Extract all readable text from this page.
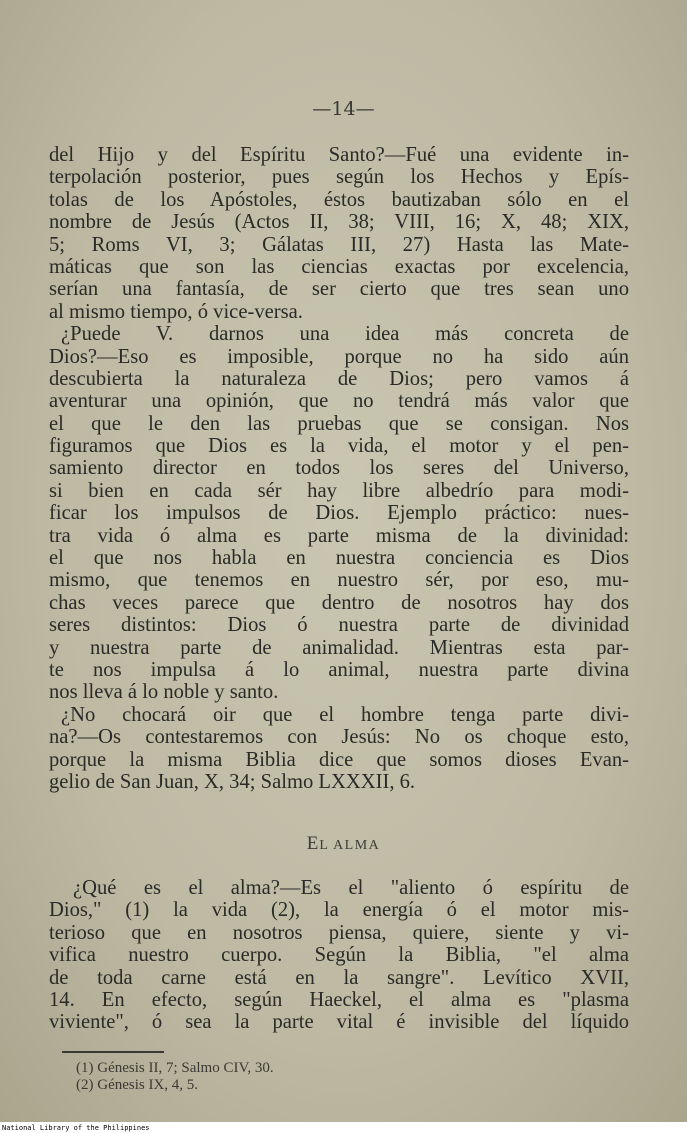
—14—
del Hijo y del Espíritu Santo?—Fué una evidente in-
terpolación posterior, pues según los Hechos y Epís-
tolas de los Apóstoles, éstos bautizaban sólo en el
nombre de Jesús (Actos II, 38; VIII, 16; X, 48; XIX,
5; Roms VI, 3; Gálatas III, 27) Hasta las Mate-
máticas que son las ciencias exactas por excelencia,
serían una fantasía, de ser cierto que tres sean uno
al mismo tiempo, ó vice-versa.
¿Puede V. darnos una idea más concreta de
Dios?—Eso es imposible, porque no ha sido aún
descubierta la naturaleza de Dios; pero vamos á
aventurar una opinión, que no tendrá más valor que
el que le den las pruebas que se consigan. Nos
figuramos que Dios es la vida, el motor y el pen-
samiento director en todos los seres del Universo,
si bien en cada sér hay libre albedrío para modi-
ficar los impulsos de Dios. Ejemplo práctico: nues-
tra vida ó alma es parte misma de la divinidad:
el que nos habla en nuestra conciencia es Dios
mismo, que tenemos en nuestro sér, por eso, mu-
chas veces parece que dentro de nosotros hay dos
seres distintos: Dios ó nuestra parte de divinidad
y nuestra parte de animalidad. Mientras esta par-
te nos impulsa á lo animal, nuestra parte divina
nos lleva á lo noble y santo.
¿No chocará oir que el hombre tenga parte divi-
na?—Os contestaremos con Jesús: No os choque esto,
porque la misma Biblia dice que somos dioses Evan-
gelio de San Juan, X, 34; Salmo LXXXII, 6.
EL ALMA
¿Qué es el alma?—Es el "aliento ó espíritu de
Dios," (1) la vida (2), la energía ó el motor mis-
terioso que en nosotros piensa, quiere, siente y vi-
vifica nuestro cuerpo. Según la Biblia, "el alma
de toda carne está en la sangre". Levítico XVII,
14. En efecto, según Haeckel, el alma es "plasma
viviente", ó sea la parte vital é invisible del líquido
(1) Génesis II, 7; Salmo CIV, 30.
(2) Génesis IX, 4, 5.
National Library of the Philippines
